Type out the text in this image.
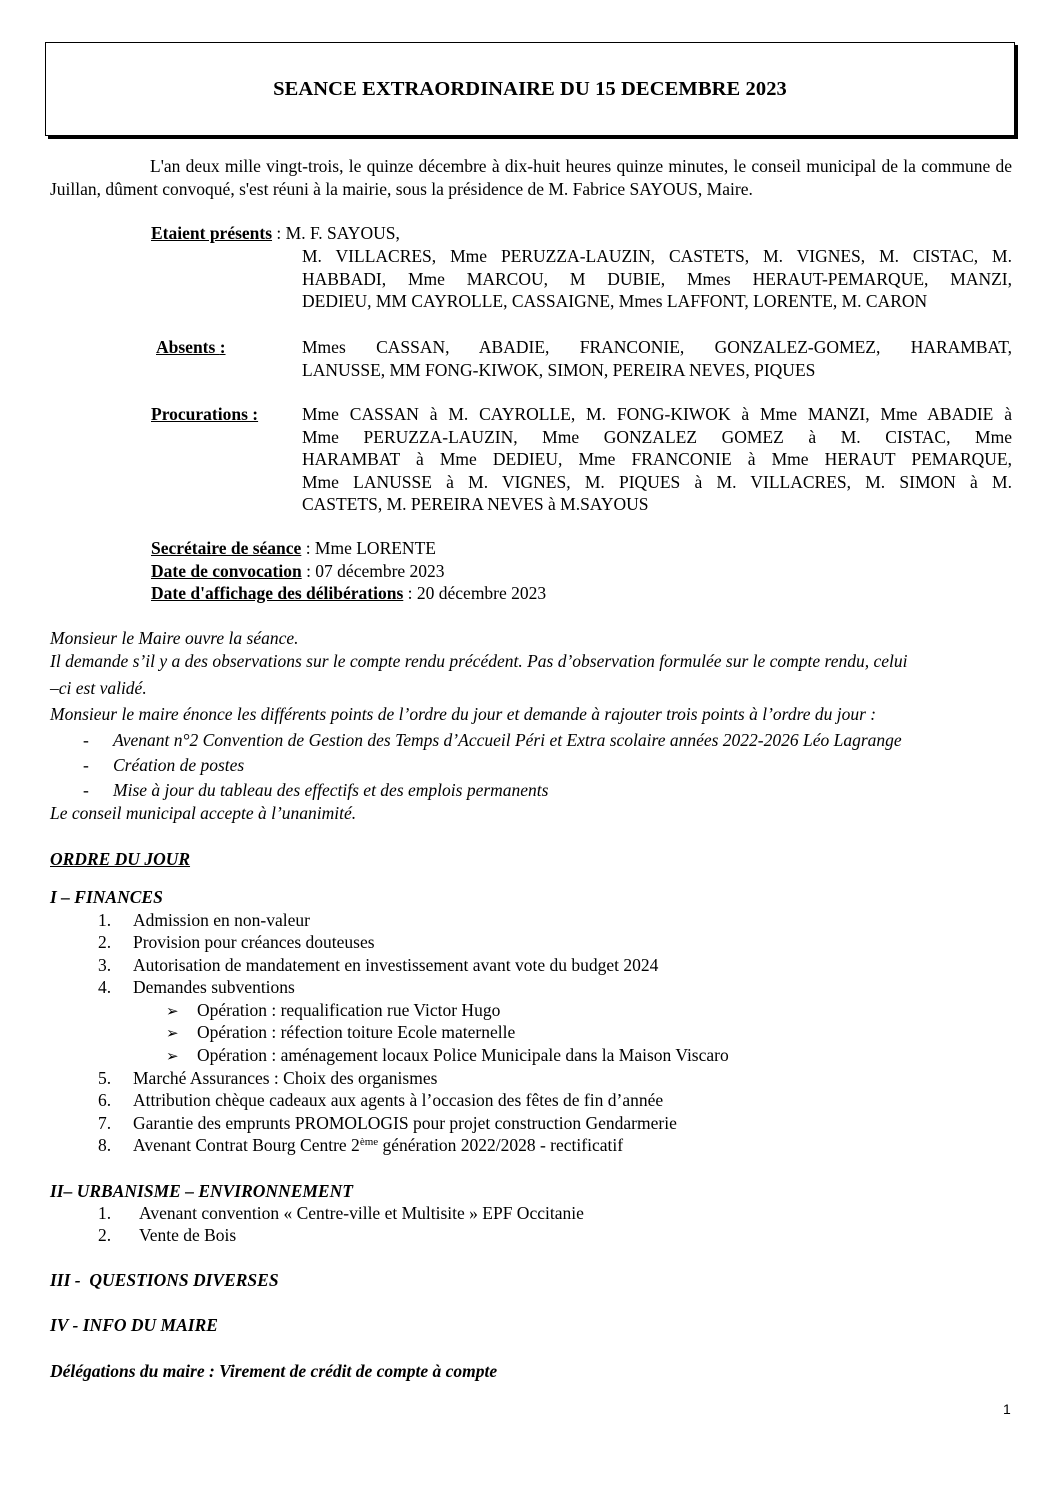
SEANCE EXTRAORDINAIRE DU 15 DECEMBRE 2023
L'an deux mille vingt-trois, le quinze décembre à dix-huit heures quinze minutes, le conseil municipal de la commune de Juillan, dûment convoqué, s'est réuni à la mairie, sous la présidence de M. Fabrice SAYOUS, Maire.
Etaient présents : M. F. SAYOUS,
M. VILLACRES, Mme PERUZZA-LAUZIN, CASTETS, M. VIGNES, M. CISTAC, M.
HABBADI, Mme MARCOU, M DUBIE, Mmes HERAUT-PEMARQUE, MANZI,
DEDIEU, MM CAYROLLE, CASSAIGNE, Mmes LAFFONT, LORENTE, M. CARON
Absents :	Mmes CASSAN, ABADIE, FRANCONIE, GONZALEZ-GOMEZ, HARAMBAT,
LANUSSE, MM FONG-KIWOK, SIMON, PEREIRA NEVES, PIQUES
Procurations :	Mme CASSAN à M. CAYROLLE, M. FONG-KIWOK à Mme MANZI, Mme ABADIE à
Mme PERUZZA-LAUZIN, Mme GONZALEZ GOMEZ à M. CISTAC, Mme
HARAMBAT à Mme DEDIEU, Mme FRANCONIE à Mme HERAUT PEMARQUE,
Mme LANUSSE à M. VIGNES, M. PIQUES à M. VILLACRES, M. SIMON à M.
CASTETS, M. PEREIRA NEVES à M.SAYOUS
Secrétaire de séance : Mme LORENTE
Date de convocation : 07 décembre 2023
Date d'affichage des délibérations : 20 décembre 2023
Monsieur le Maire ouvre la séance.
Il demande s’il y a des observations sur le compte rendu précédent. Pas d’observation formulée sur le compte rendu, celui
–ci est validé.
Monsieur le maire énonce les différents points de l’ordre du jour et demande à rajouter trois points à l’ordre du jour :
- Avenant n°2 Convention de Gestion des Temps d’Accueil Péri et Extra scolaire années 2022-2026 Léo Lagrange
- Création de postes
- Mise à jour du tableau des effectifs et des emplois permanents
Le conseil municipal accepte à l’unanimité.
ORDRE DU JOUR
I – FINANCES
1. Admission en non-valeur
2. Provision pour créances douteuses
3. Autorisation de mandatement en investissement avant vote du budget 2024
4. Demandes subventions
➢ Opération : requalification rue Victor Hugo
➢ Opération : réfection toiture Ecole maternelle
➢ Opération : aménagement locaux Police Municipale dans la Maison Viscaro
5. Marché Assurances : Choix des organismes
6. Attribution chèque cadeaux aux agents à l’occasion des fêtes de fin d’année
7. Garantie des emprunts PROMOLOGIS pour projet construction Gendarmerie
8. Avenant Contrat Bourg Centre 2ème génération 2022/2028 - rectificatif
II– URBANISME – ENVIRONNEMENT
1. Avenant convention « Centre-ville et Multisite » EPF Occitanie
2. Vente de Bois
III -  QUESTIONS DIVERSES
IV - INFO DU MAIRE
Délégations du maire : Virement de crédit de compte à compte
1
